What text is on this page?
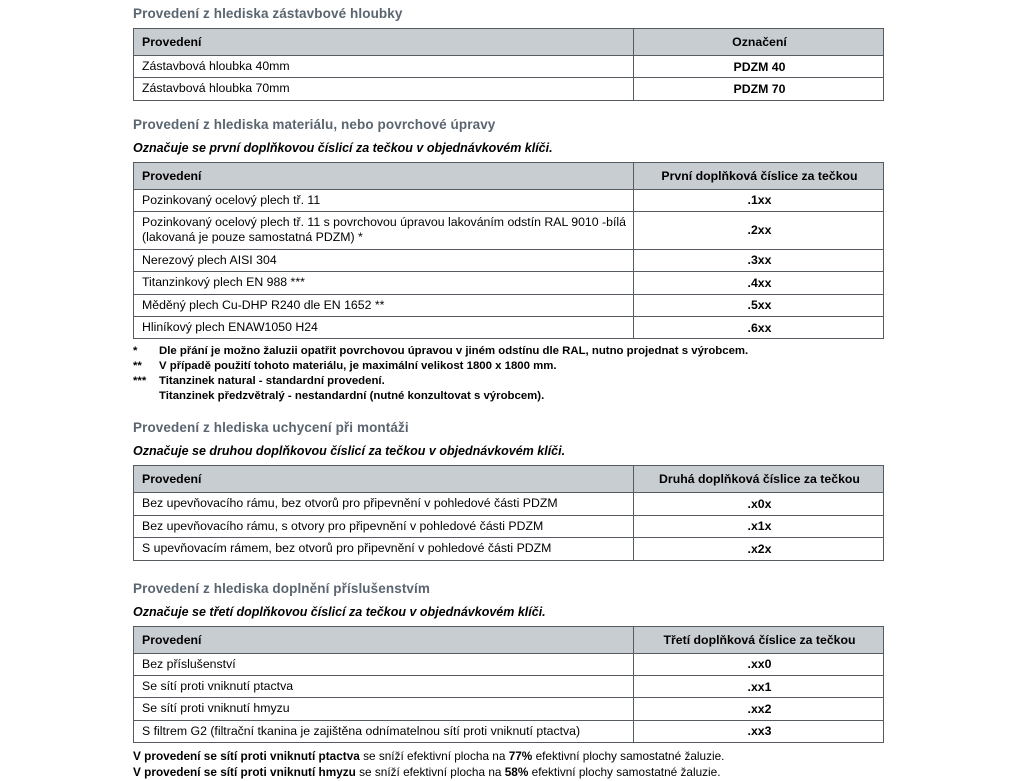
Provedení z hlediska zástavbové hloubky
Provedení	Označení
Zástavbová hloubka 40mm	PDZM 40
Zástavbová hloubka 70mm	PDZM 70
Provedení z hlediska materiálu, nebo povrchové úpravy
Označuje se první doplňkovou číslicí za tečkou v objednávkovém klíči.
Provedení	První doplňková číslice za tečkou
Pozinkovaný ocelový plech tř. 11	.1xx
Pozinkovaný ocelový plech tř. 11 s povrchovou úpravou lakováním odstín RAL 9010 -bílá (lakovaná je pouze samostatná PDZM) *	.2xx
Nerezový plech AISI 304	.3xx
Titanzinkový plech EN 988 ***	.4xx
Měděný plech Cu-DHP R240 dle EN 1652 **	.5xx
Hliníkový plech ENAW1050 H24	.6xx
*	Dle přání je možno žaluzii opatřit povrchovou úpravou v jiném odstínu dle RAL, nutno projednat s výrobcem.
**	V případě použití tohoto materiálu, je maximální velikost 1800 x 1800 mm.
***	Titanzinek natural - standardní provedení.
Titanzinek předzvětralý - nestandardní (nutné konzultovat s výrobcem).
Provedení z hlediska uchycení při montáži
Označuje se druhou doplňkovou číslicí za tečkou v objednávkovém klíči.
Provedení	Druhá doplňková číslice za tečkou
Bez upevňovacího rámu, bez otvorů pro připevnění v pohledové části PDZM	.x0x
Bez upevňovacího rámu, s otvory pro připevnění v pohledové části PDZM	.x1x
S upevňovacím rámem, bez otvorů pro připevnění v pohledové části PDZM	.x2x
Provedení z hlediska doplnění příslušenstvím
Označuje se třetí doplňkovou číslicí za tečkou v objednávkovém klíči.
Provedení	Třetí doplňková číslice za tečkou
Bez příslušenství	.xx0
Se sítí proti vniknutí ptactva	.xx1
Se sítí proti vniknutí hmyzu	.xx2
S filtrem G2 (filtrační tkanina je zajištěna odnímatelnou sítí proti vniknutí ptactva)	.xx3
V provedení se sítí proti vniknutí ptactva se sníží efektivní plocha na 77% efektivní plochy samostatné žaluzie.
V provedení se sítí proti vniknutí hmyzu se sníží efektivní plocha na 58% efektivní plochy samostatné žaluzie.
